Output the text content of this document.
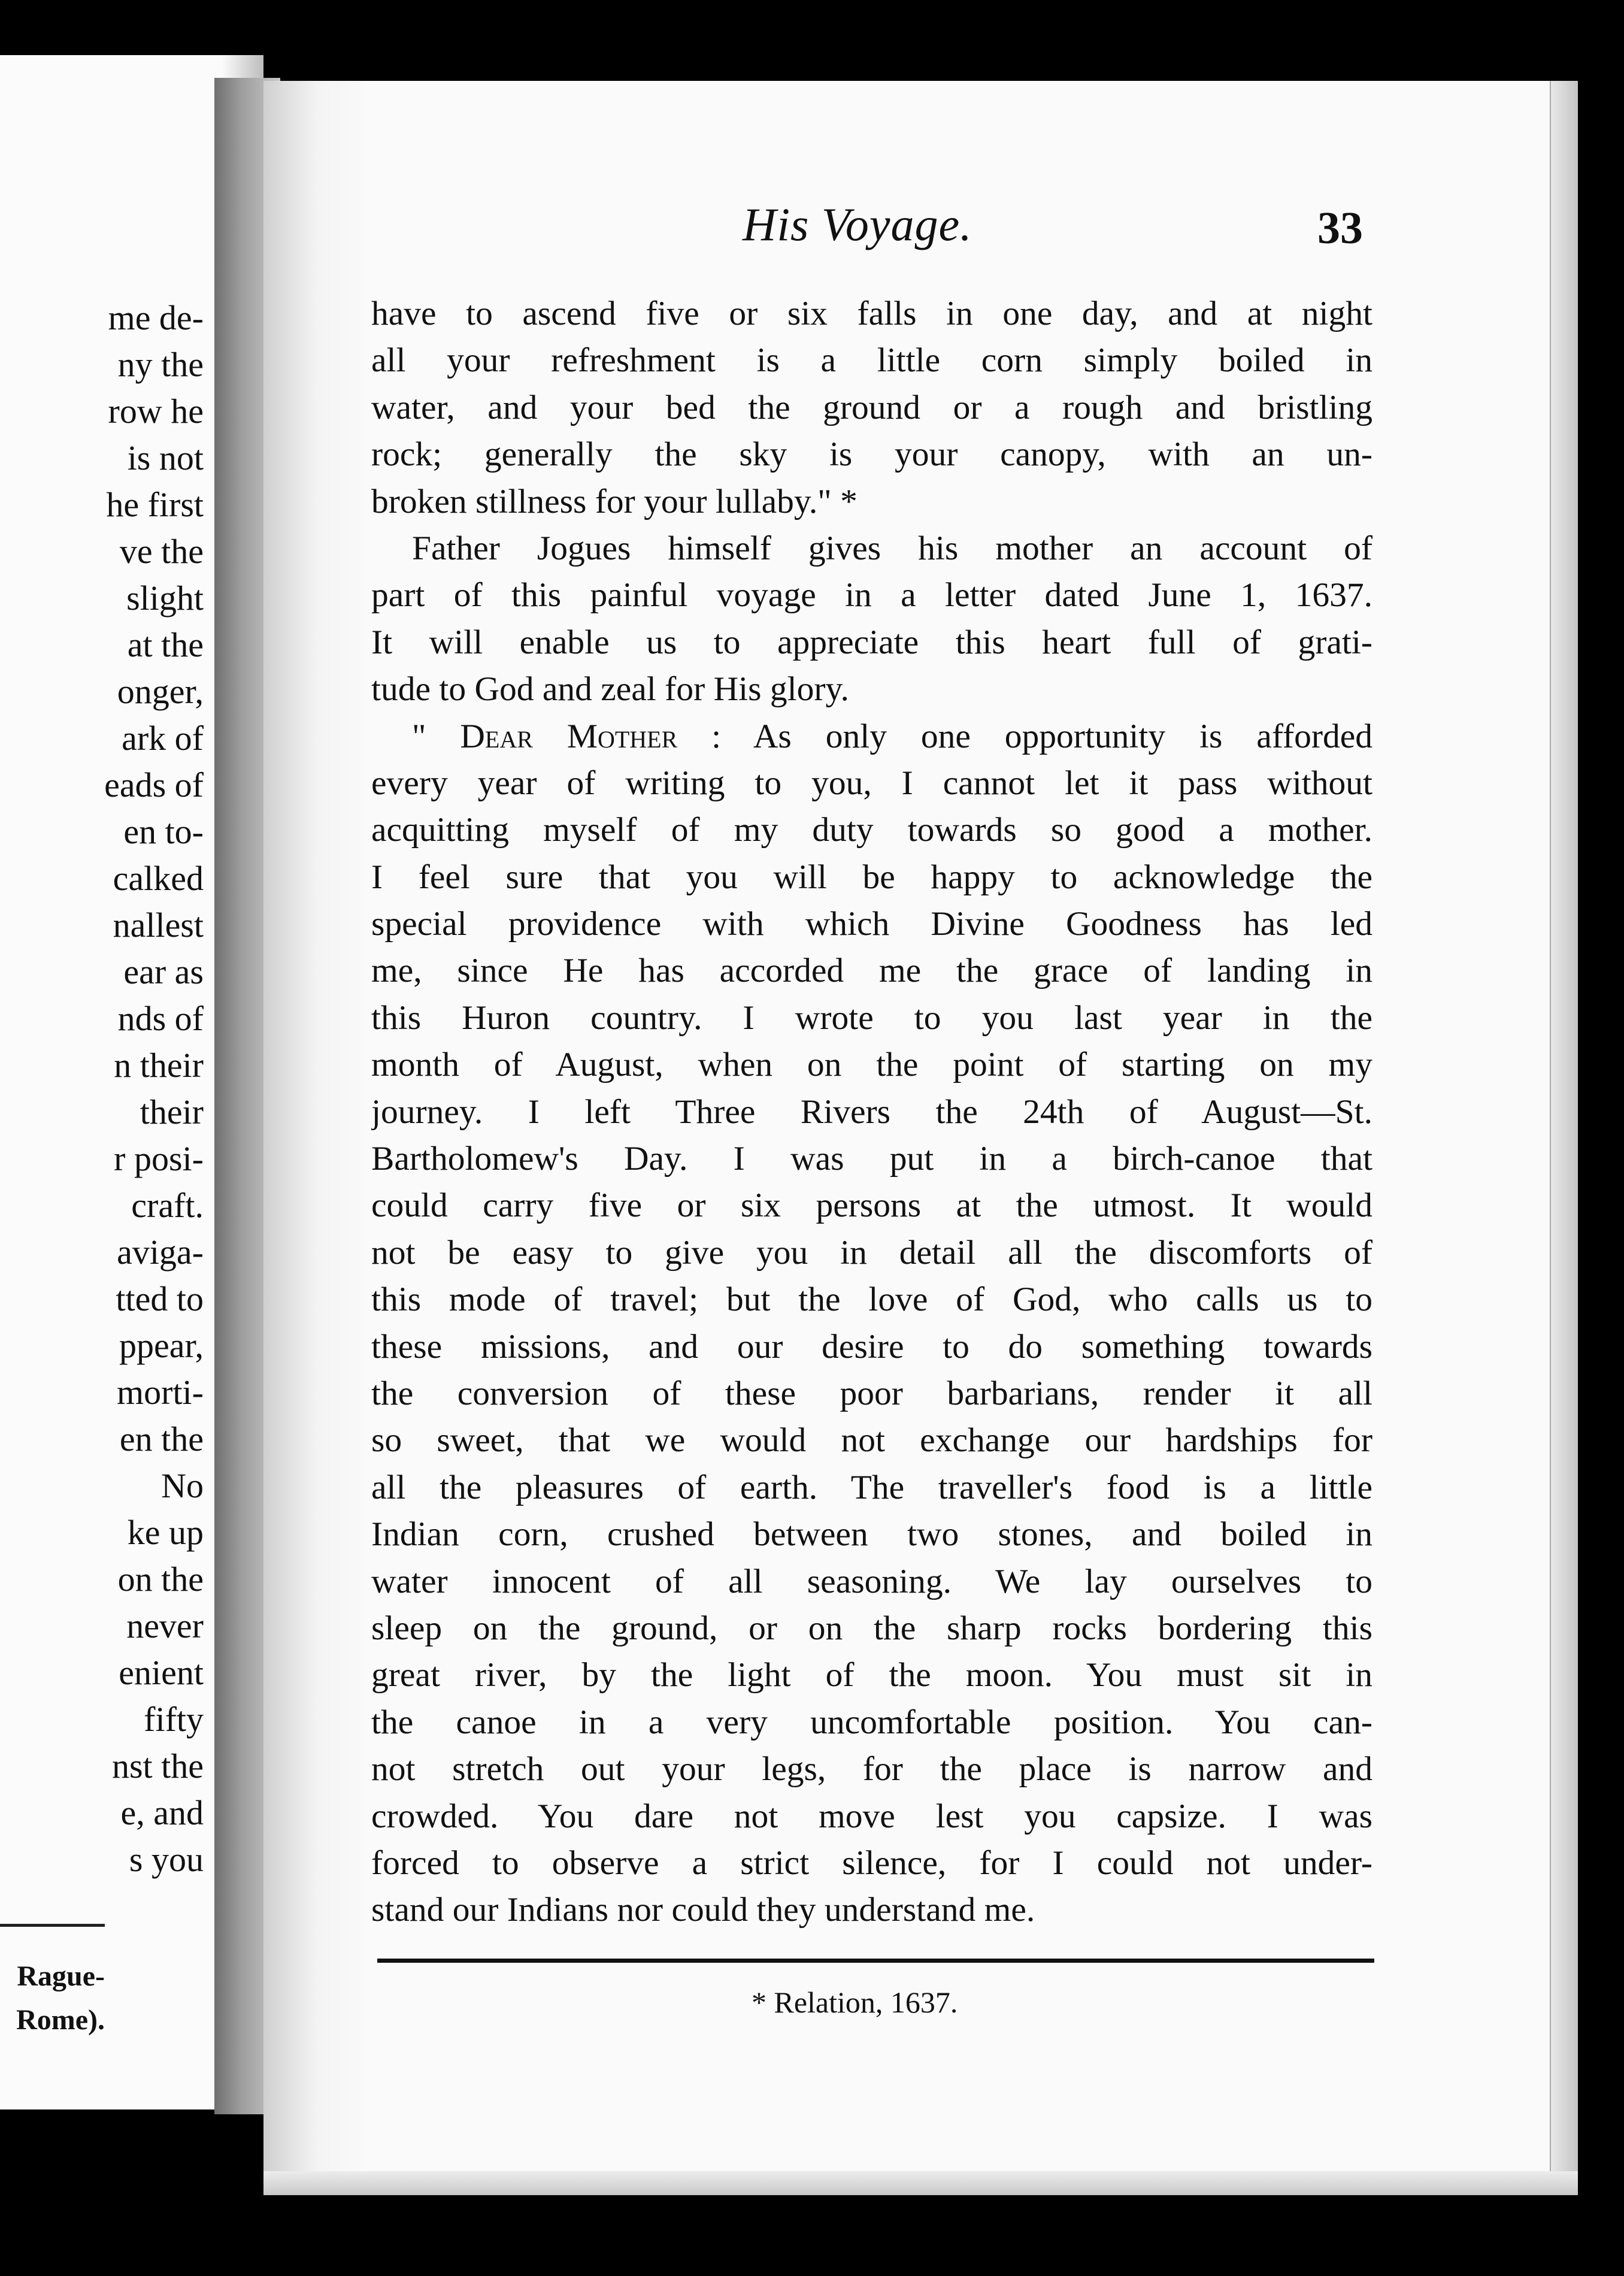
me de-
ny the
row he
is not
he first
ve the
slight
at the
onger,
ark of
eads of
en to-
calked
nallest
ear as
nds of
n their
their
r posi-
craft.
aviga-
tted to
ppear,
morti-
en the
No
ke up
on the
never
enient
fifty
nst the
e, and
s you
Rague-
Rome).
His Voyage.	33
have to ascend five or six falls in one day, and at night
all your refreshment is a little corn simply boiled in
water, and your bed the ground or a rough and bristling
rock; generally the sky is your canopy, with an un-
broken stillness for your lullaby." *
Father Jogues himself gives his mother an account of
part of this painful voyage in a letter dated June 1, 1637.
It will enable us to appreciate this heart full of grati-
tude to God and zeal for His glory.
" Dear Mother : As only one opportunity is afforded
every year of writing to you, I cannot let it pass without
acquitting myself of my duty towards so good a mother.
I feel sure that you will be happy to acknowledge the
special providence with which Divine Goodness has led
me, since He has accorded me the grace of landing in
this Huron country. I wrote to you last year in the
month of August, when on the point of starting on my
journey. I left Three Rivers the 24th of August—St.
Bartholomew's Day. I was put in a birch-canoe that
could carry five or six persons at the utmost. It would
not be easy to give you in detail all the discomforts of
this mode of travel; but the love of God, who calls us to
these missions, and our desire to do something towards
the conversion of these poor barbarians, render it all
so sweet, that we would not exchange our hardships for
all the pleasures of earth. The traveller's food is a little
Indian corn, crushed between two stones, and boiled in
water innocent of all seasoning. We lay ourselves to
sleep on the ground, or on the sharp rocks bordering this
great river, by the light of the moon. You must sit in
the canoe in a very uncomfortable position. You can-
not stretch out your legs, for the place is narrow and
crowded. You dare not move lest you capsize. I was
forced to observe a strict silence, for I could not under-
stand our Indians nor could they understand me.
* Relation, 1637.
